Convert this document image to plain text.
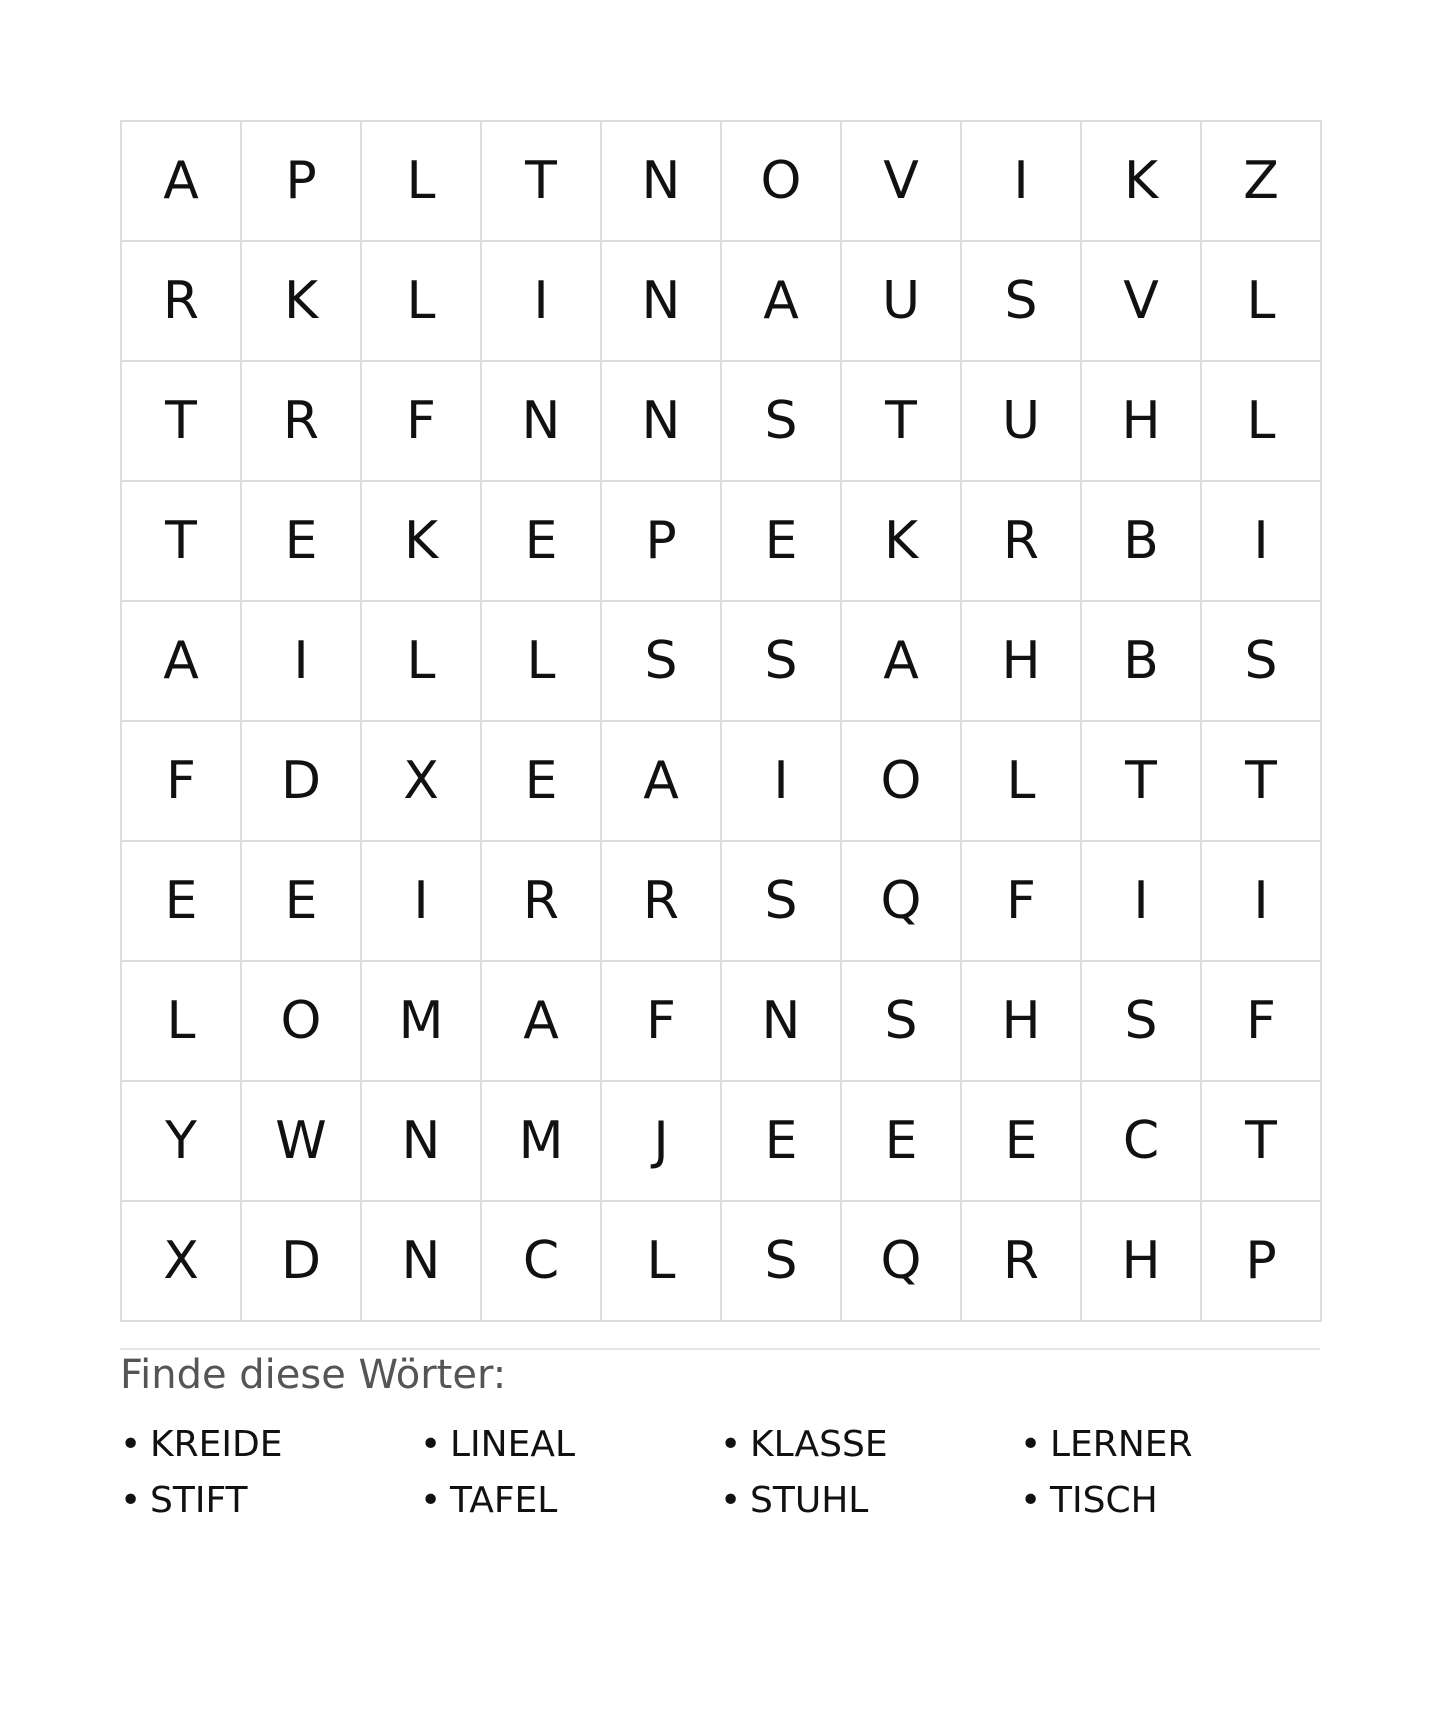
A	P	L	T	N	O	V	I	K	Z
R	K	L	I	N	A	U	S	V	L
T	R	F	N	N	S	T	U	H	L
T	E	K	E	P	E	K	R	B	I
A	I	L	L	S	S	A	H	B	S
F	D	X	E	A	I	O	L	T	T
E	E	I	R	R	S	Q	F	I	I
L	O	M	A	F	N	S	H	S	F
Y	W	N	M	J	E	E	E	C	T
X	D	N	C	L	S	Q	R	H	P
Finde diese Wörter:
• KREIDE	• LINEAL	• KLASSE	• LERNER
• STIFT	• TAFEL	• STUHL	• TISCH
